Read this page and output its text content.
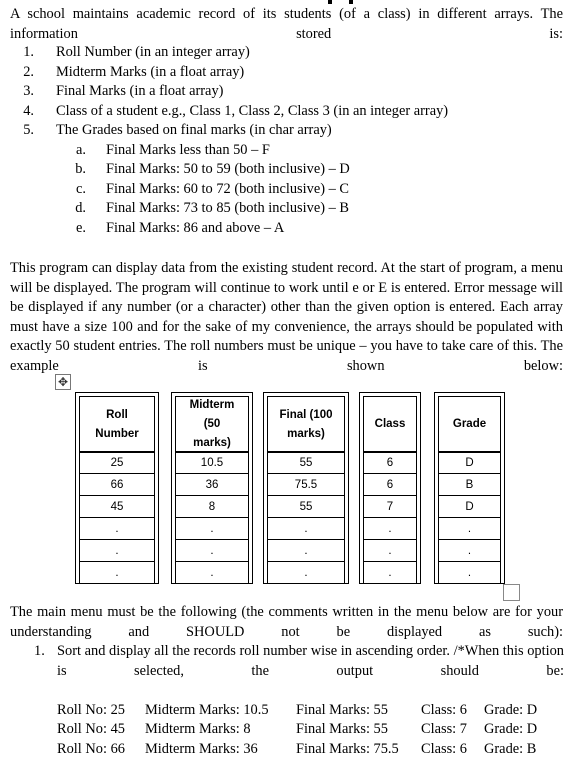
A school maintains academic record of its students (of a class) in different arrays. The information stored is:

1. Roll Number (in an integer array)
2. Midterm Marks (in a float array)
3. Final Marks (in a float array)
4. Class of a student e.g., Class 1, Class 2, Class 3 (in an integer array)
5. The Grades based on final marks (in char array)
a. Final Marks less than 50 – F
b. Final Marks: 50 to 59 (both inclusive) – D
c. Final Marks: 60 to 72 (both inclusive) – C
d. Final Marks: 73 to 85 (both inclusive) – B
e. Final Marks: 86 and above – A

This program can display data from the existing student record. At the start of program, a menu will be displayed. The program will continue to work until e or E is entered. Error message will be displayed if any number (or a character) other than the given option is entered. Each array must have a size 100 and for the sake of my convenience, the arrays should be populated with exactly 50 student entries. The roll numbers must be unique – you have to take care of this. The example is shown below:

✥
Roll Number
25
66
45
.
.
.
Midterm (50 marks)
10.5
36
8
.
.
.
Final (100 marks)
55
75.5
55
.
.
.
Class
6
6
7
.
.
.
Grade
D
B
D
.
.
.

The main menu must be the following (the comments written in the menu below are for your understanding and SHOULD not be displayed as such):

1. Sort and display all the records roll number wise in ascending order. /*When this option is selected, the output should be:

Roll No: 25 Midterm Marks: 10.5 Final Marks: 55 Class: 6 Grade: D
Roll No: 45 Midterm Marks: 8	Final Marks: 55 Class: 7 Grade: D
Roll No: 66 Midterm Marks: 36	Final Marks: 75.5 Class: 6 Grade: B
